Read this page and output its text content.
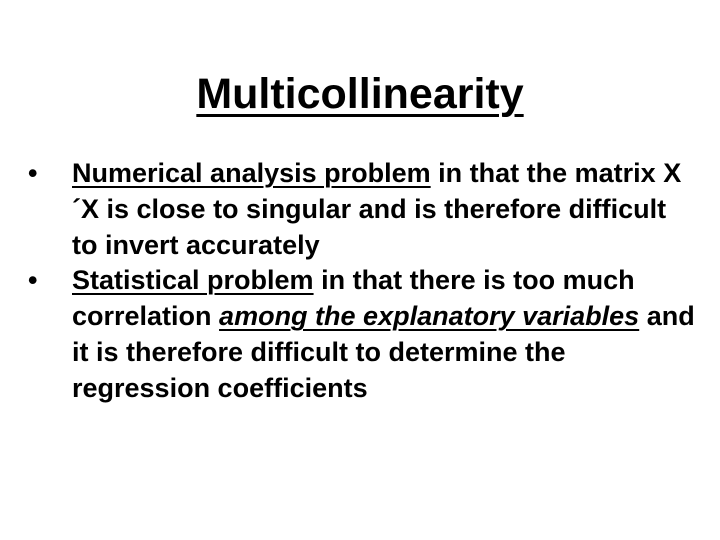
Multicollinearity
•	Numerical analysis problem in that the matrix X´X is close to singular and is therefore difficult to invert accurately
•	Statistical problem in that there is too much correlation among the explanatory variables and it is therefore difficult to determine the regression coefficients
